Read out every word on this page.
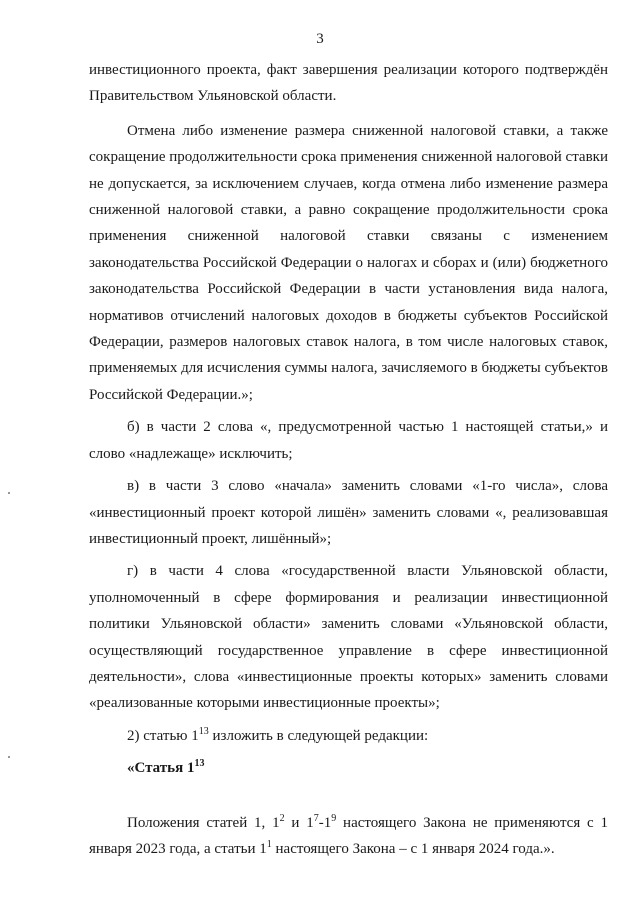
3

инвестиционного проекта, факт завершения реализации которого подтверждён Правительством Ульяновской области.

Отмена либо изменение размера сниженной налоговой ставки, а также сокращение продолжительности срока применения сниженной налоговой ставки не допускается, за исключением случаев, когда отмена либо изменение размера сниженной налоговой ставки, а равно сокращение продолжительности срока применения сниженной налоговой ставки связаны с изменением законодательства Российской Федерации о налогах и сборах и (или) бюджетного законодательства Российской Федерации в части установления вида налога, нормативов отчислений налоговых доходов в бюджеты субъектов Российской Федерации, размеров налоговых ставок налога, в том числе налоговых ставок, применяемых для исчисления суммы налога, зачисляемого в бюджеты субъектов Российской Федерации.»;

б) в части 2 слова «, предусмотренной частью 1 настоящей статьи,» и слово «надлежаще» исключить;

в) в части 3 слово «начала» заменить словами «1-го числа», слова «инвестиционный проект которой лишён» заменить словами «, реализовавшая инвестиционный проект, лишённый»;

г) в части 4 слова «государственной власти Ульяновской области, уполномоченный в сфере формирования и реализации инвестиционной политики Ульяновской области» заменить словами «Ульяновской области, осуществляющий государственное управление в сфере инвестиционной деятельности», слова «инвестиционные проекты которых» заменить словами «реализованные которыми инвестиционные проекты»;

2) статью $1^{13}$ изложить в следующей редакции:

«Статья $1^{13}$

Положения статей 1, $1^2$ и $1^7-1^9$ настоящего Закона не применяются с 1 января 2023 года, а статьи $1^1$ настоящего Закона – с 1 января 2024 года.».
